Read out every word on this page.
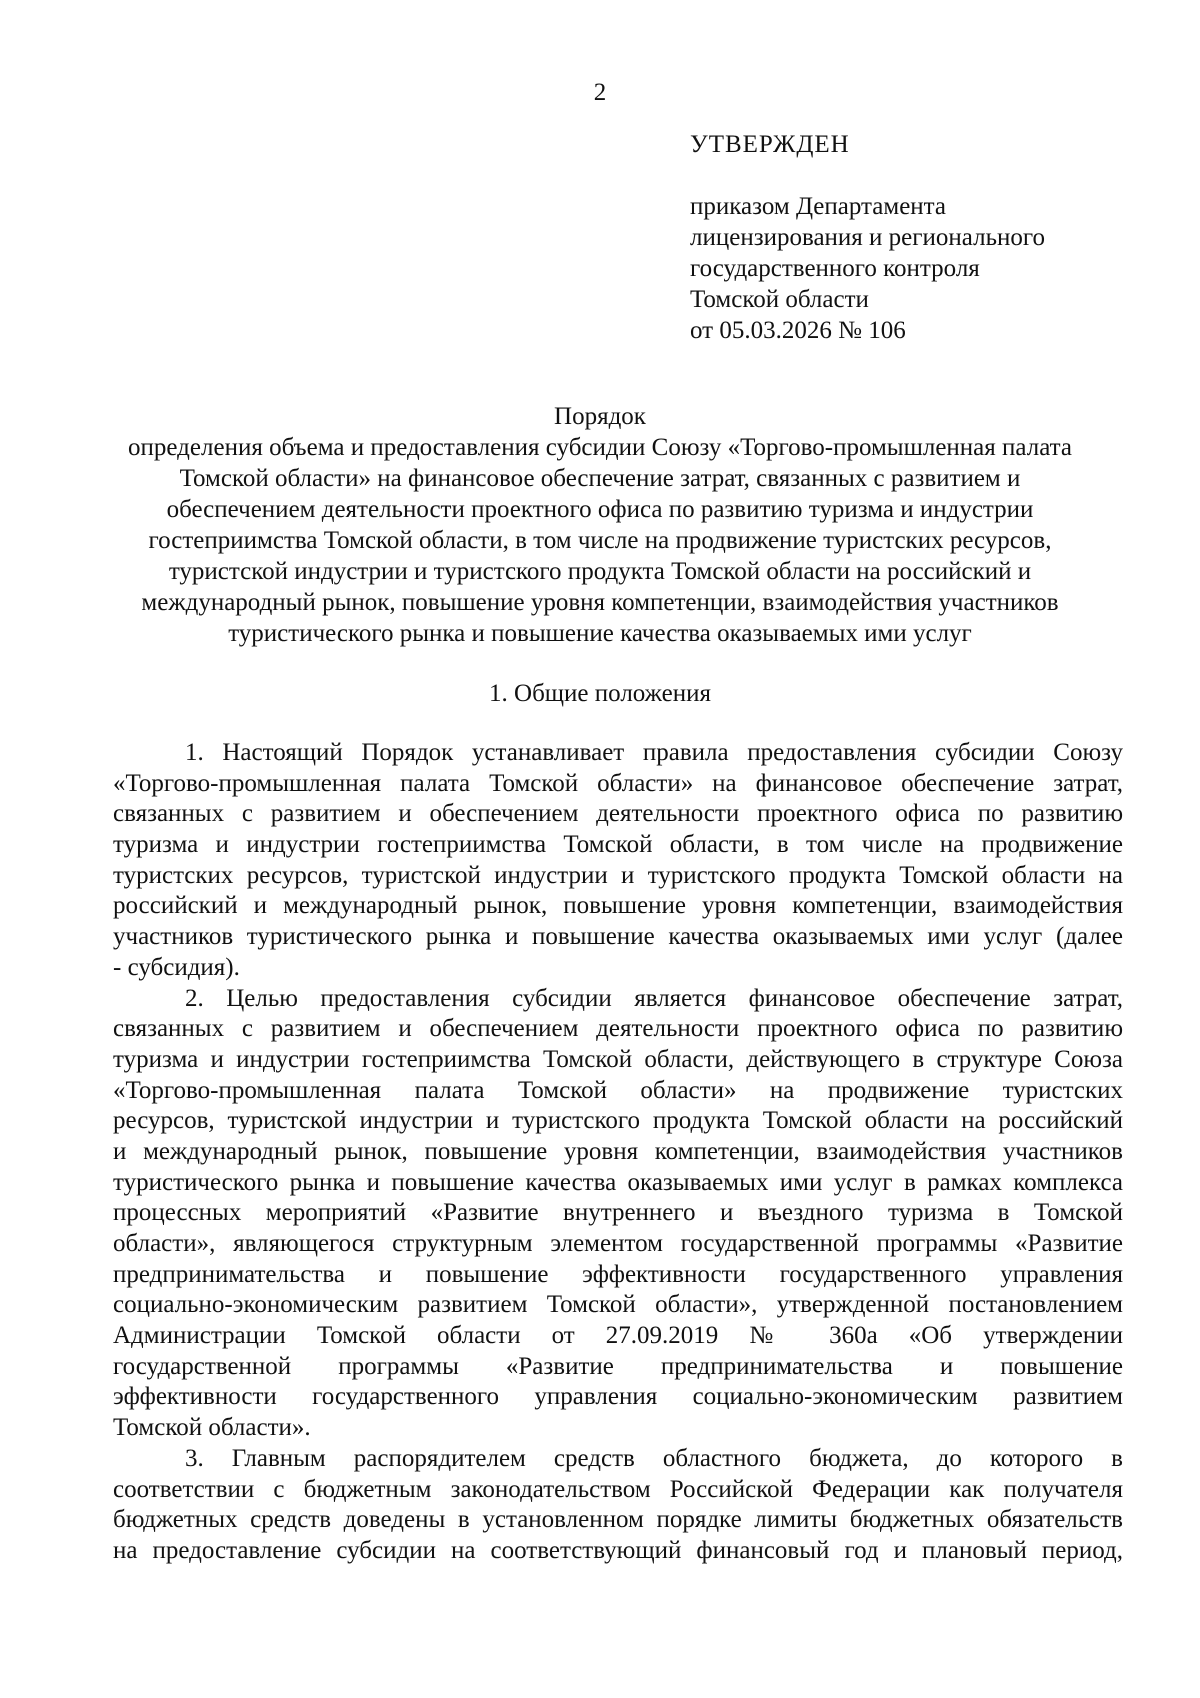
2
УТВЕРЖДЕН
приказом Департамента
лицензирования и регионального
государственного контроля
Томской области
от 05.03.2026 № 106
Порядок
определения объема и предоставления субсидии Союзу «Торгово-промышленная палата
Томской области» на финансовое обеспечение затрат, связанных с развитием и
обеспечением деятельности проектного офиса по развитию туризма и индустрии
гостеприимства Томской области, в том числе на продвижение туристских ресурсов,
туристской индустрии и туристского продукта Томской области на российский и
международный рынок, повышение уровня компетенции, взаимодействия участников
туристического рынка и повышение качества оказываемых ими услуг
1. Общие положения
1. Настоящий Порядок устанавливает правила предоставления субсидии Союзу
«Торгово-промышленная палата Томской области» на финансовое обеспечение затрат,
связанных с развитием и обеспечением деятельности проектного офиса по развитию
туризма и индустрии гостеприимства Томской области, в том числе на продвижение
туристских ресурсов, туристской индустрии и туристского продукта Томской области на
российский и международный рынок, повышение уровня компетенции, взаимодействия
участников туристического рынка и повышение качества оказываемых ими услуг (далее
- субсидия).
2. Целью предоставления субсидии является финансовое обеспечение затрат,
связанных с развитием и обеспечением деятельности проектного офиса по развитию
туризма и индустрии гостеприимства Томской области, действующего в структуре Союза
«Торгово-промышленная палата Томской области» на продвижение туристских
ресурсов, туристской индустрии и туристского продукта Томской области на российский
и международный рынок, повышение уровня компетенции, взаимодействия участников
туристического рынка и повышение качества оказываемых ими услуг в рамках комплекса
процессных мероприятий «Развитие внутреннего и въездного туризма в Томской
области», являющегося структурным элементом государственной программы «Развитие
предпринимательства и повышение эффективности государственного управления
социально-экономическим развитием Томской области», утвержденной постановлением
Администрации Томской области от 27.09.2019 № 360а «Об утверждении
государственной программы «Развитие предпринимательства и повышение
эффективности государственного управления социально-экономическим развитием
Томской области».
3. Главным распорядителем средств областного бюджета, до которого в
соответствии с бюджетным законодательством Российской Федерации как получателя
бюджетных средств доведены в установленном порядке лимиты бюджетных обязательств
на предоставление субсидии на соответствующий финансовый год и плановый период,
